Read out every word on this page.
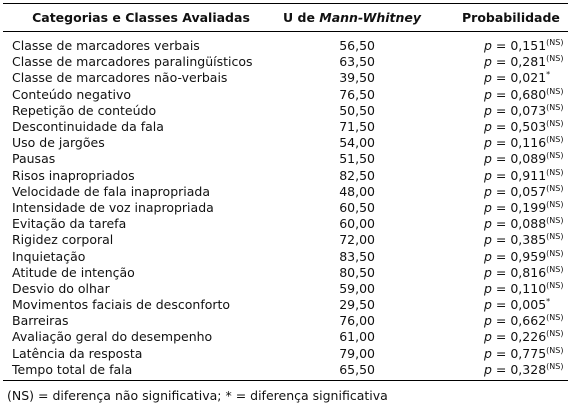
Categorias e Classes Avaliadas	U de Mann-Whitney	Probabilidade
Classe de marcadores verbais	56,50	$p = 0,151^{(NS)}$
Classe de marcadores paralingüísticos	63,50	$p = 0,281^{(NS)}$
Classe de marcadores não-verbais	39,50	p = 0,021*
Conteúdo negativo	76,50	$p = 0,680^{(NS)}$
Repetição de conteúdo	50,50	$p = 0,073^{(NS)}$
Descontinuidade da fala	71,50	$p = 0,503^{(NS)}$
Uso de jargões	54,00	$p = 0,116^{(NS)}$
Pausas	51,50	$p = 0,089^{(NS)}$
Risos inapropriados	82,50	$p = 0,911^{(NS)}$
Velocidade de fala inapropriada	48,00	$p = 0,057^{(NS)}$
Intensidade de voz inapropriada	60,50	$p = 0,199^{(NS)}$
Evitação da tarefa	60,00	$p = 0,088^{(NS)}$
Rigidez corporal	72,00	$p = 0,385^{(NS)}$
Inquietação	83,50	$p = 0,959^{(NS)}$
Atitude de intenção	80,50	$p = 0,816^{(NS)}$
Desvio do olhar	59,00	$p = 0,110^{(NS)}$
Movimentos faciais de desconforto	29,50	p = 0,005*
Barreiras	76,00	$p = 0,662^{(NS)}$
Avaliação geral do desempenho	61,00	$p = 0,226^{(NS)}$
Latência da resposta	79,00	$p = 0,775^{(NS)}$
Tempo total de fala	65,50	$p = 0,328^{(NS)}$
(NS) = diferença não significativa; * = diferença significativa
